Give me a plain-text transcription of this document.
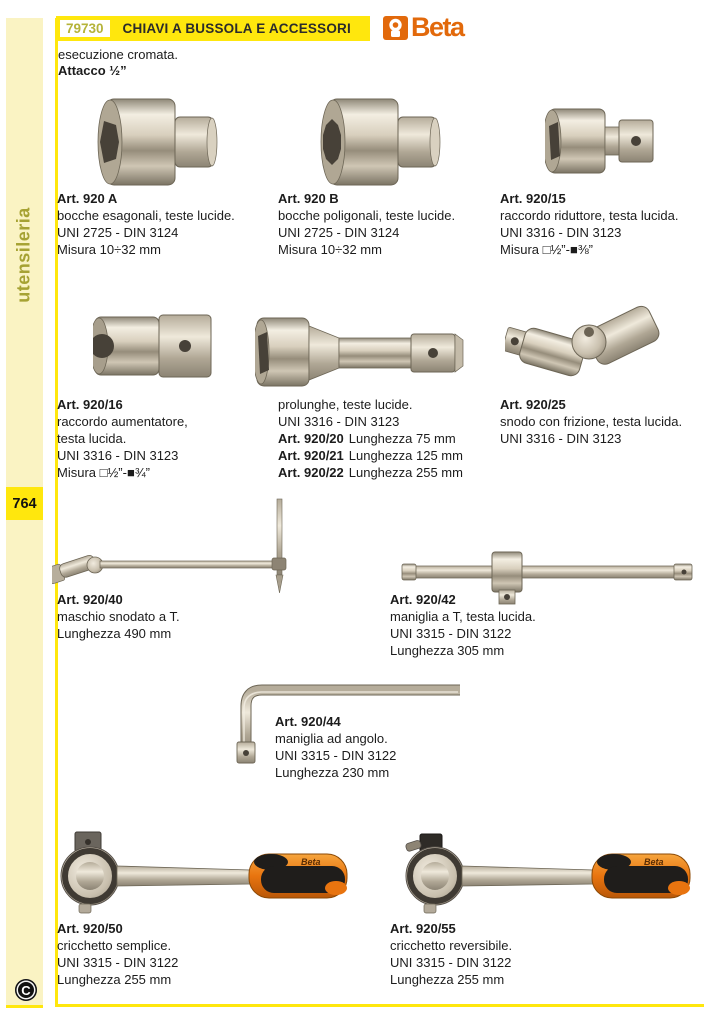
utensileria
764
C
79730	CHIAVI A BUSSOLA E ACCESSORI Beta
esecuzione cromata.
Attacco ½”
Beta	Beta
Art. 920 A
bocche esagonali, teste lucide.
UNI 2725 - DIN 3124
Misura 10÷32 mm
Art. 920 B
bocche poligonali, teste lucide.
UNI 2725 - DIN 3124
Misura 10÷32 mm
Art. 920/15
raccordo riduttore, testa lucida.
UNI 3316 - DIN 3123
Misura □½”-■⅜”
Art. 920/16
raccordo aumentatore,
testa lucida.
UNI 3316 - DIN 3123
Misura □½”-■¾”
prolunghe, teste lucide.
UNI 3316 - DIN 3123
Art. 920/20 Lunghezza 75 mm
Art. 920/21 Lunghezza 125 mm
Art. 920/22 Lunghezza 255 mm
Art. 920/25
snodo con frizione, testa lucida.
UNI 3316 - DIN 3123
Art. 920/40
maschio snodato a T.
Lunghezza 490 mm
Art. 920/42
maniglia a T, testa lucida.
UNI 3315 - DIN 3122
Lunghezza 305 mm
Art. 920/44
maniglia ad angolo.
UNI 3315 - DIN 3122
Lunghezza 230 mm
Art. 920/50
cricchetto semplice.
UNI 3315 - DIN 3122
Lunghezza 255 mm
Art. 920/55
cricchetto reversibile.
UNI 3315 - DIN 3122
Lunghezza 255 mm
